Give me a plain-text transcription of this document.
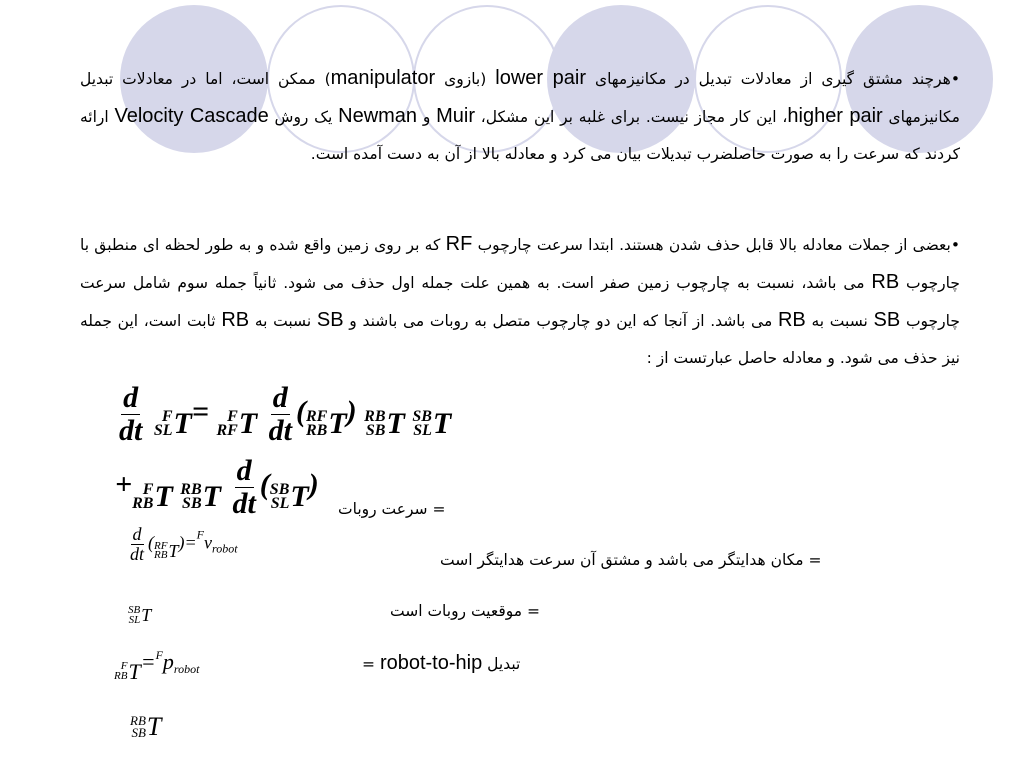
•هرچند مشتق گیری از معادلات تبدیل در مکانیزمهای lower pair (بازوی manipulator) ممکن است، اما در معادلات تبدیل مکانیزمهای higher pair، این کار مجاز نیست. برای غلبه بر این مشکل، Muir و Newman یک روش Velocity Cascade ارائه کردند که سرعت را به صورت حاصلضرب تبدیلات بیان می کرد و معادله بالا از آن به دست آمده است.
•بعضی از جملات معادله بالا قابل حذف شدن هستند. ابتدا سرعت چارچوب RF که بر روی زمین واقع شده و به طور لحظه ای منطبق با چارچوب RB می باشد، نسبت به چارچوب زمین صفر است. به همین علت جمله اول حذف می شود. ثانیاً جمله سوم شامل سرعت چارچوب SB نسبت به RB می باشد. از آنجا که این دو چارچوب متصل به روبات می باشند و SB نسبت به RB ثابت است، این جمله نیز حذف می شود. و معادله حاصل عبارتست از :
$\frac{d}{dt}$
F
SL T = F
RF T
$\frac{d}{dt}$ ( RF
RB T ) RB
SB T
SB
SL T
+ F
RB T
RB
SB T
$\frac{d}{dt}$ ( SB
SL T )
= سرعت روبات
$\frac{d}{dt}$ ( RF
RB T )$=^Fv_{robot}$
= مکان هدایتگر می باشد و مشتق آن سرعت هدایتگر است
SB
SL T	= موقعیت روبات است
F
RB T =$^F$probot	تبدیل robot-to-hip =
RB
SB T
